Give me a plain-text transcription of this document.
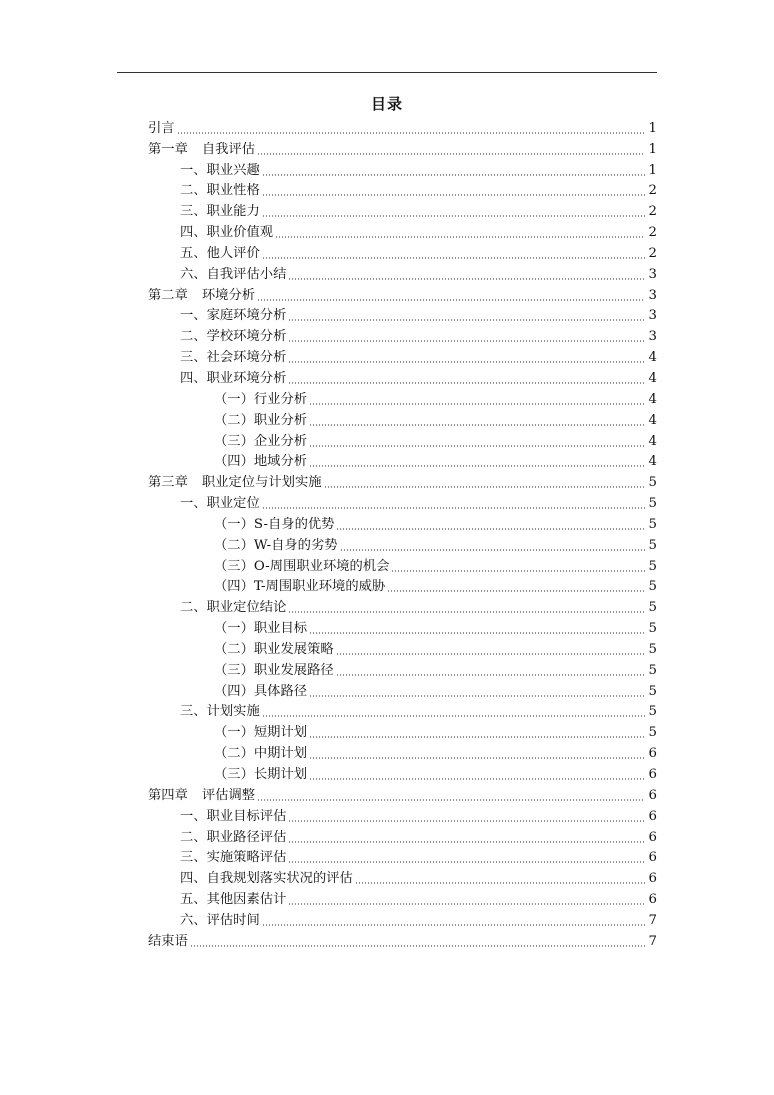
目录
引言	1
第一章 自我评估	1
一、职业兴趣	1
二、职业性格	2
三、职业能力	2
四、职业价值观	2
五、他人评价	2
六、自我评估小结	3
第二章 环境分析	3
一、家庭环境分析	3
二、学校环境分析	3
三、社会环境分析	4
四、职业环境分析	4
（一）行业分析	4
（二）职业分析	4
（三）企业分析	4
（四）地域分析	4
第三章 职业定位与计划实施	5
一、职业定位	5
（一）S-自身的优势	5
（二）W-自身的劣势	5
（三）O-周围职业环境的机会	5
（四）T-周围职业环境的威胁	5
二、职业定位结论	5
（一）职业目标	5
（二）职业发展策略	5
（三）职业发展路径	5
（四）具体路径	5
三、计划实施	5
（一）短期计划	5
（二）中期计划	6
（三）长期计划	6
第四章 评估调整	6
一、职业目标评估	6
二、职业路径评估	6
三、实施策略评估	6
四、自我规划落实状况的评估	6
五、其他因素估计	6
六、评估时间	7
结束语	7
